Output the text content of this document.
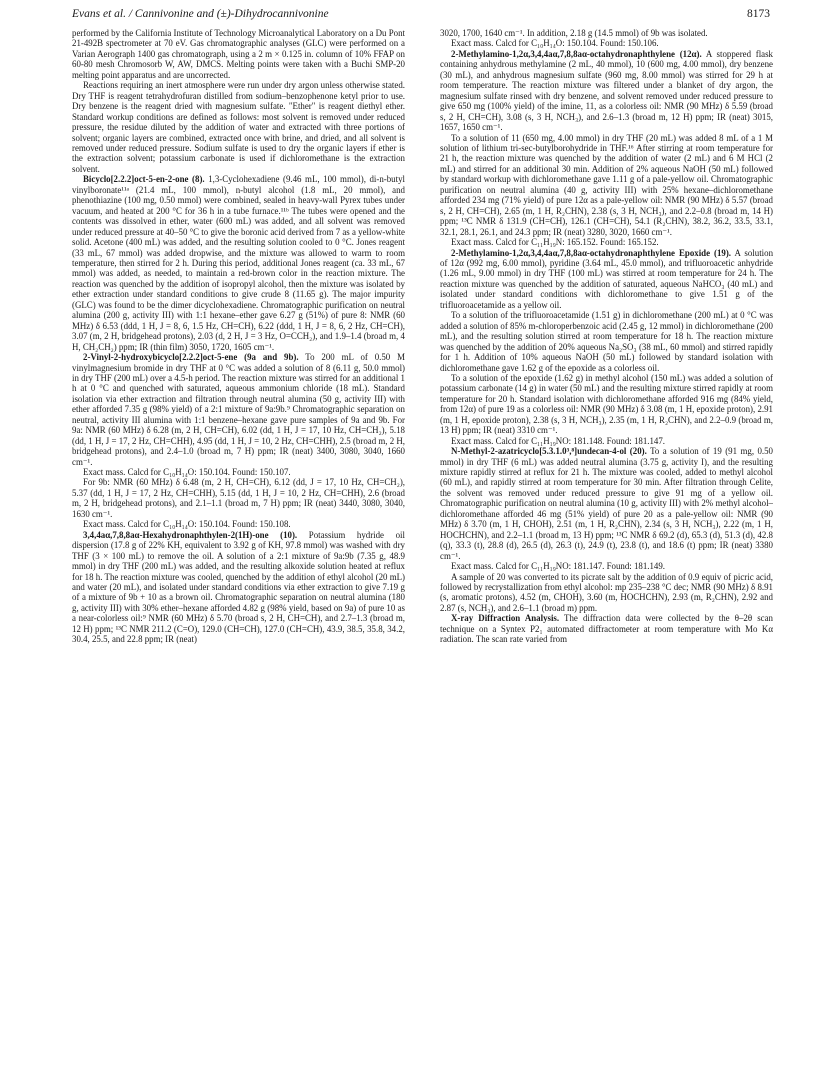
Evans et al. / Cannivonine and (±)-Dihydrocannivonine	8173

performed by the California Institute of Technology Microanalytical Laboratory on a Du Pont 21-492B spectrometer at 70 eV. Gas chromatographic analyses (GLC) were performed on a Varian Aerograph 1400 gas chromatograph, using a 2 m × 0.125 in. column of 10% FFAP on 60-80 mesh Chromosorb W, AW, DMCS. Melting points were taken with a Buchi SMP-20 melting point apparatus and are uncorrected.

Reactions requiring an inert atmosphere were run under dry argon unless otherwise stated. Dry THF is reagent tetrahydrofuran distilled from sodium–benzophenone ketyl prior to use. Dry benzene is the reagent dried with magnesium sulfate. "Ether" is reagent diethyl ether. Standard workup conditions are defined as follows: most solvent is removed under reduced pressure, the residue diluted by the addition of water and extracted with three portions of solvent; organic layers are combined, extracted once with brine, and dried, and all solvent is removed under reduced pressure. Sodium sulfate is used to dry the organic layers if ether is the extraction solvent; potassium carbonate is used if dichloromethane is the extraction solvent.

Bicyclo[2.2.2]oct-5-en-2-one (8). 1,3-Cyclohexadiene (9.46 mL, 100 mmol), di-n-butyl vinylboronate¹¹ᵃ (21.4 mL, 100 mmol), n-butyl alcohol (1.8 mL, 20 mmol), and phenothiazine (100 mg, 0.50 mmol) were combined, sealed in heavy-wall Pyrex tubes under vacuum, and heated at 200 °C for 36 h in a tube furnace.¹¹ᵇ The tubes were opened and the contents was dissolved in ether, water (600 mL) was added, and all solvent was removed under reduced pressure at 40–50 °C to give the boronic acid derived from 7 as a yellow-white solid. Acetone (400 mL) was added, and the resulting solution cooled to 0 °C. Jones reagent (33 mL, 67 mmol) was added dropwise, and the mixture was allowed to warm to room temperature, then stirred for 2 h. During this period, additional Jones reagent (ca. 33 mL, 67 mmol) was added, as needed, to maintain a red-brown color in the reaction mixture. The reaction was quenched by the addition of isopropyl alcohol, then the mixture was isolated by ether extraction under standard conditions to give crude 8 (11.65 g). The major impurity (GLC) was found to be the dimer dicyclohexadiene. Chromatographic purification on neutral alumina (200 g, activity III) with 1:1 hexane–ether gave 6.27 g (51%) of pure 8: NMR (60 MHz) δ 6.53 (ddd, 1 H, J = 8, 6, 1.5 Hz, CH=CH), 6.22 (ddd, 1 H, J = 8, 6, 2 Hz, CH=CH), 3.07 (m, 2 H, bridgehead protons), 2.03 (d, 2 H, J = 3 Hz, O=CCH₂), and 1.9–1.4 (broad m, 4 H, CH₂CH₂) ppm; IR (thin film) 3050, 1720, 1605 cm⁻¹.

2-Vinyl-2-hydroxybicyclo[2.2.2]oct-5-ene (9a and 9b). To 200 mL of 0.50 M vinylmagnesium bromide in dry THF at 0 °C was added a solution of 8 (6.11 g, 50.0 mmol) in dry THF (200 mL) over a 4.5-h period. The reaction mixture was stirred for an additional 1 h at 0 °C and quenched with saturated, aqueous ammonium chloride (18 mL). Standard isolation via ether extraction and filtration through neutral alumina (50 g, activity III) with ether afforded 7.35 g (98% yield) of a 2:1 mixture of 9a:9b.⁹ Chromatographic separation on neutral, activity III alumina with 1:1 benzene–hexane gave pure samples of 9a and 9b. For 9a: NMR (60 MHz) δ 6.28 (m, 2 H, CH=CH), 6.02 (dd, 1 H, J = 17, 10 Hz, CH=CH₂), 5.18 (dd, 1 H, J = 17, 2 Hz, CH=CHH), 4.95 (dd, 1 H, J = 10, 2 Hz, CH=CHH), 2.5 (broad m, 2 H, bridgehead protons), and 2.4–1.0 (broad m, 7 H) ppm; IR (neat) 3400, 3080, 3040, 1660 cm⁻¹.

Exact mass. Calcd for C₁₀H₁₄O: 150.104. Found: 150.107.

For 9b: NMR (60 MHz) δ 6.48 (m, 2 H, CH=CH), 6.12 (dd, J = 17, 10 Hz, CH=CH₂), 5.37 (dd, 1 H, J = 17, 2 Hz, CH=CHH), 5.15 (dd, 1 H, J = 10, 2 Hz, CH=CHH), 2.6 (broad m, 2 H, bridgehead protons), and 2.1–1.1 (broad m, 7 H) ppm; IR (neat) 3440, 3080, 3040, 1630 cm⁻¹.

Exact mass. Calcd for C₁₀H₁₄O: 150.104. Found: 150.108.

3,4,4aα,7,8,8aα-Hexahydronaphthylen-2(1H)-one (10). Potassium hydride oil dispersion (17.8 g of 22% KH, equivalent to 3.92 g of KH, 97.8 mmol) was washed with dry THF (3 × 100 mL) to remove the oil. A solution of a 2:1 mixture of 9a:9b (7.35 g, 48.9 mmol) in dry THF (200 mL) was added, and the resulting alkoxide solution heated at reflux for 18 h. The reaction mixture was cooled, quenched by the addition of ethyl alcohol (20 mL) and water (20 mL), and isolated under standard conditions via ether extraction to give 7.19 g of a mixture of 9b + 10 as a brown oil. Chromatographic separation on neutral alumina (180 g, activity III) with 30% ether–hexane afforded 4.82 g (98% yield, based on 9a) of pure 10 as a near-colorless oil:⁹ NMR (60 MHz) δ 5.70 (broad s, 2 H, CH=CH), and 2.7–1.3 (broad m, 12 H) ppm; ¹³C NMR 211.2 (C=O), 129.0 (CH=CH), 127.0 (CH=CH), 43.9, 38.5, 35.8, 34.2, 30.4, 25.5, and 22.8 ppm; IR (neat)

3020, 1700, 1640 cm⁻¹. In addition, 2.18 g (14.5 mmol) of 9b was isolated.

Exact mass. Calcd for C₁₀H₁₄O: 150.104. Found: 150.106.

2-Methylamino-1,2α,3,4,4aα,7,8,8aα-octahydronaphthylene (12α). A stoppered flask containing anhydrous methylamine (2 mL, 40 mmol), 10 (600 mg, 4.00 mmol), dry benzene (30 mL), and anhydrous magnesium sulfate (960 mg, 8.00 mmol) was stirred for 29 h at room temperature. The reaction mixture was filtered under a blanket of dry argon, the magnesium sulfate rinsed with dry benzene, and solvent removed under reduced pressure to give 650 mg (100% yield) of the imine, 11, as a colorless oil: NMR (90 MHz) δ 5.59 (broad s, 2 H, CH=CH), 3.08 (s, 3 H, NCH₃), and 2.6–1.3 (broad m, 12 H) ppm; IR (neat) 3015, 1657, 1650 cm⁻¹.

To a solution of 11 (650 mg, 4.00 mmol) in dry THF (20 mL) was added 8 mL of a 1 M solution of lithium tri-sec-butylborohydride in THF.¹⁶ After stirring at room temperature for 21 h, the reaction mixture was quenched by the addition of water (2 mL) and 6 M HCl (2 mL) and stirred for an additional 30 min. Addition of 2% aqueous NaOH (50 mL) followed by standard workup with dichloromethane gave 1.11 g of a pale-yellow oil. Chromatographic purification on neutral alumina (40 g, activity III) with 25% hexane–dichloromethane afforded 234 mg (71% yield) of pure 12α as a pale-yellow oil: NMR (90 MHz) δ 5.57 (broad s, 2 H, CH=CH), 2.65 (m, 1 H, R₂CHN), 2.38 (s, 3 H, NCH₃), and 2.2–0.8 (broad m, 14 H) ppm; ¹³C NMR δ 131.9 (CH=CH), 126.1 (CH=CH), 54.1 (R₂CHN), 38.2, 36.2, 33.5, 33.1, 32.1, 28.1, 26.1, and 24.3 ppm; IR (neat) 3280, 3020, 1660 cm⁻¹.

Exact mass. Calcd for C₁₁H₁₉N: 165.152. Found: 165.152.

2-Methylamino-1,2α,3,4,4aα,7,8,8aα-octahydronaphthylene Epoxide (19). A solution of 12α (992 mg, 6.00 mmol), pyridine (3.64 mL, 45.0 mmol), and trifluoroacetic anhydride (1.26 mL, 9.00 mmol) in dry THF (100 mL) was stirred at room temperature for 24 h. The reaction mixture was quenched by the addition of saturated, aqueous NaHCO₃ (40 mL) and isolated under standard conditions with dichloromethane to give 1.51 g of the trifluoroacetamide as a yellow oil.

To a solution of the trifluoroacetamide (1.51 g) in dichloromethane (200 mL) at 0 °C was added a solution of 85% m-chloroperbenzoic acid (2.45 g, 12 mmol) in dichloromethane (200 mL), and the resulting solution stirred at room temperature for 18 h. The reaction mixture was quenched by the addition of 20% aqueous Na₂SO₃ (38 mL, 60 mmol) and stirred rapidly for 1 h. Addition of 10% aqueous NaOH (50 mL) followed by standard isolation with dichloromethane gave 1.62 g of the epoxide as a colorless oil.

To a solution of the epoxide (1.62 g) in methyl alcohol (150 mL) was added a solution of potassium carbonate (14 g) in water (50 mL) and the resulting mixture stirred rapidly at room temperature for 20 h. Standard isolation with dichloromethane afforded 916 mg (84% yield, from 12α) of pure 19 as a colorless oil: NMR (90 MHz) δ 3.08 (m, 1 H, epoxide proton), 2.91 (m, 1 H, epoxide proton), 2.38 (s, 3 H, NCH₃), 2.35 (m, 1 H, R₂CHN), and 2.2–0.9 (broad m, 13 H) ppm; IR (neat) 3310 cm⁻¹.

Exact mass. Calcd for C₁₁H₁₉NO: 181.148. Found: 181.147.

N-Methyl-2-azatricyclo[5.3.1.0³,⁸]undecan-4-ol (20). To a solution of 19 (91 mg, 0.50 mmol) in dry THF (6 mL) was added neutral alumina (3.75 g, activity I), and the resulting mixture rapidly stirred at reflux for 21 h. The mixture was cooled, added to methyl alcohol (60 mL), and rapidly stirred at room temperature for 30 min. After filtration through Celite, the solvent was removed under reduced pressure to give 91 mg of a yellow oil. Chromatographic purification on neutral alumina (10 g, activity III) with 2% methyl alcohol–dichloromethane afforded 46 mg (51% yield) of pure 20 as a pale-yellow oil: NMR (90 MHz) δ 3.70 (m, 1 H, CHOH), 2.51 (m, 1 H, R₂CHN), 2.34 (s, 3 H, NCH₃), 2.22 (m, 1 H, HOCHCHN), and 2.2–1.1 (broad m, 13 H) ppm; ¹³C NMR δ 69.2 (d), 65.3 (d), 51.3 (d), 42.8 (q), 33.3 (t), 28.8 (d), 26.5 (d), 26.3 (t), 24.9 (t), 23.8 (t), and 18.6 (t) ppm; IR (neat) 3380 cm⁻¹.

Exact mass. Calcd for C₁₁H₁₉NO: 181.147. Found: 181.149.

A sample of 20 was converted to its picrate salt by the addition of 0.9 equiv of picric acid, followed by recrystallization from ethyl alcohol: mp 235–238 °C dec; NMR (90 MHz) δ 8.91 (s, aromatic protons), 4.52 (m, CHOH), 3.60 (m, HOCHCHN), 2.93 (m, R₂CHN), 2.92 and 2.87 (s, NCH₃), and 2.6–1.1 (broad m) ppm.

X-ray Diffraction Analysis. The diffraction data were collected by the θ–2θ scan technique on a Syntex P2₁ automated diffractometer at room temperature with Mo Kα radiation. The scan rate varied from
